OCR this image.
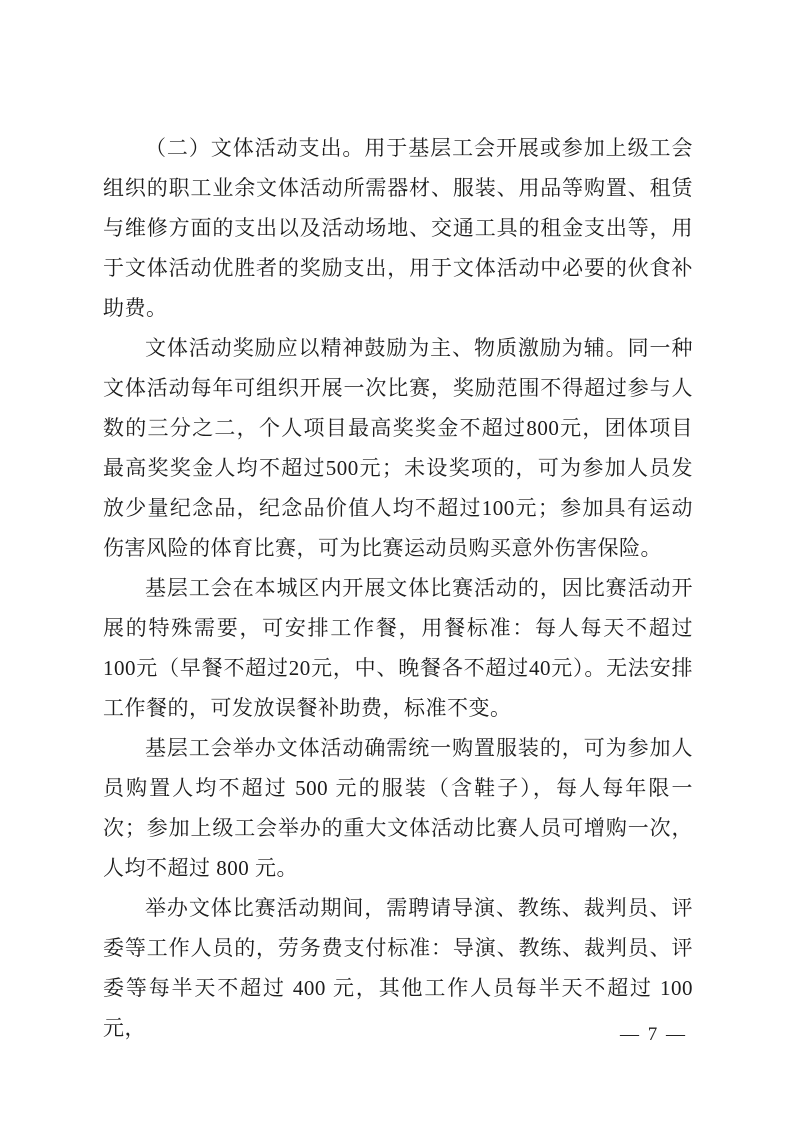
（二）文体活动支出。用于基层工会开展或参加上级工会组织的职工业余文体活动所需器材、服装、用品等购置、租赁与维修方面的支出以及活动场地、交通工具的租金支出等，用于文体活动优胜者的奖励支出，用于文体活动中必要的伙食补助费。

文体活动奖励应以精神鼓励为主、物质激励为辅。同一种文体活动每年可组织开展一次比赛，奖励范围不得超过参与人数的三分之二，个人项目最高奖奖金不超过800元，团体项目最高奖奖金人均不超过500元；未设奖项的，可为参加人员发放少量纪念品，纪念品价值人均不超过100元；参加具有运动伤害风险的体育比赛，可为比赛运动员购买意外伤害保险。

基层工会在本城区内开展文体比赛活动的，因比赛活动开展的特殊需要，可安排工作餐，用餐标准：每人每天不超过100元（早餐不超过20元，中、晚餐各不超过40元）。无法安排工作餐的，可发放误餐补助费，标准不变。

基层工会举办文体活动确需统一购置服装的，可为参加人员购置人均不超过 500 元的服装（含鞋子），每人每年限一次；参加上级工会举办的重大文体活动比赛人员可增购一次，人均不超过 800 元。

举办文体比赛活动期间，需聘请导演、教练、裁判员、评委等工作人员的，劳务费支付标准：导演、教练、裁判员、评委等每半天不超过 400 元，其他工作人员每半天不超过 100 元，	— 7 —
